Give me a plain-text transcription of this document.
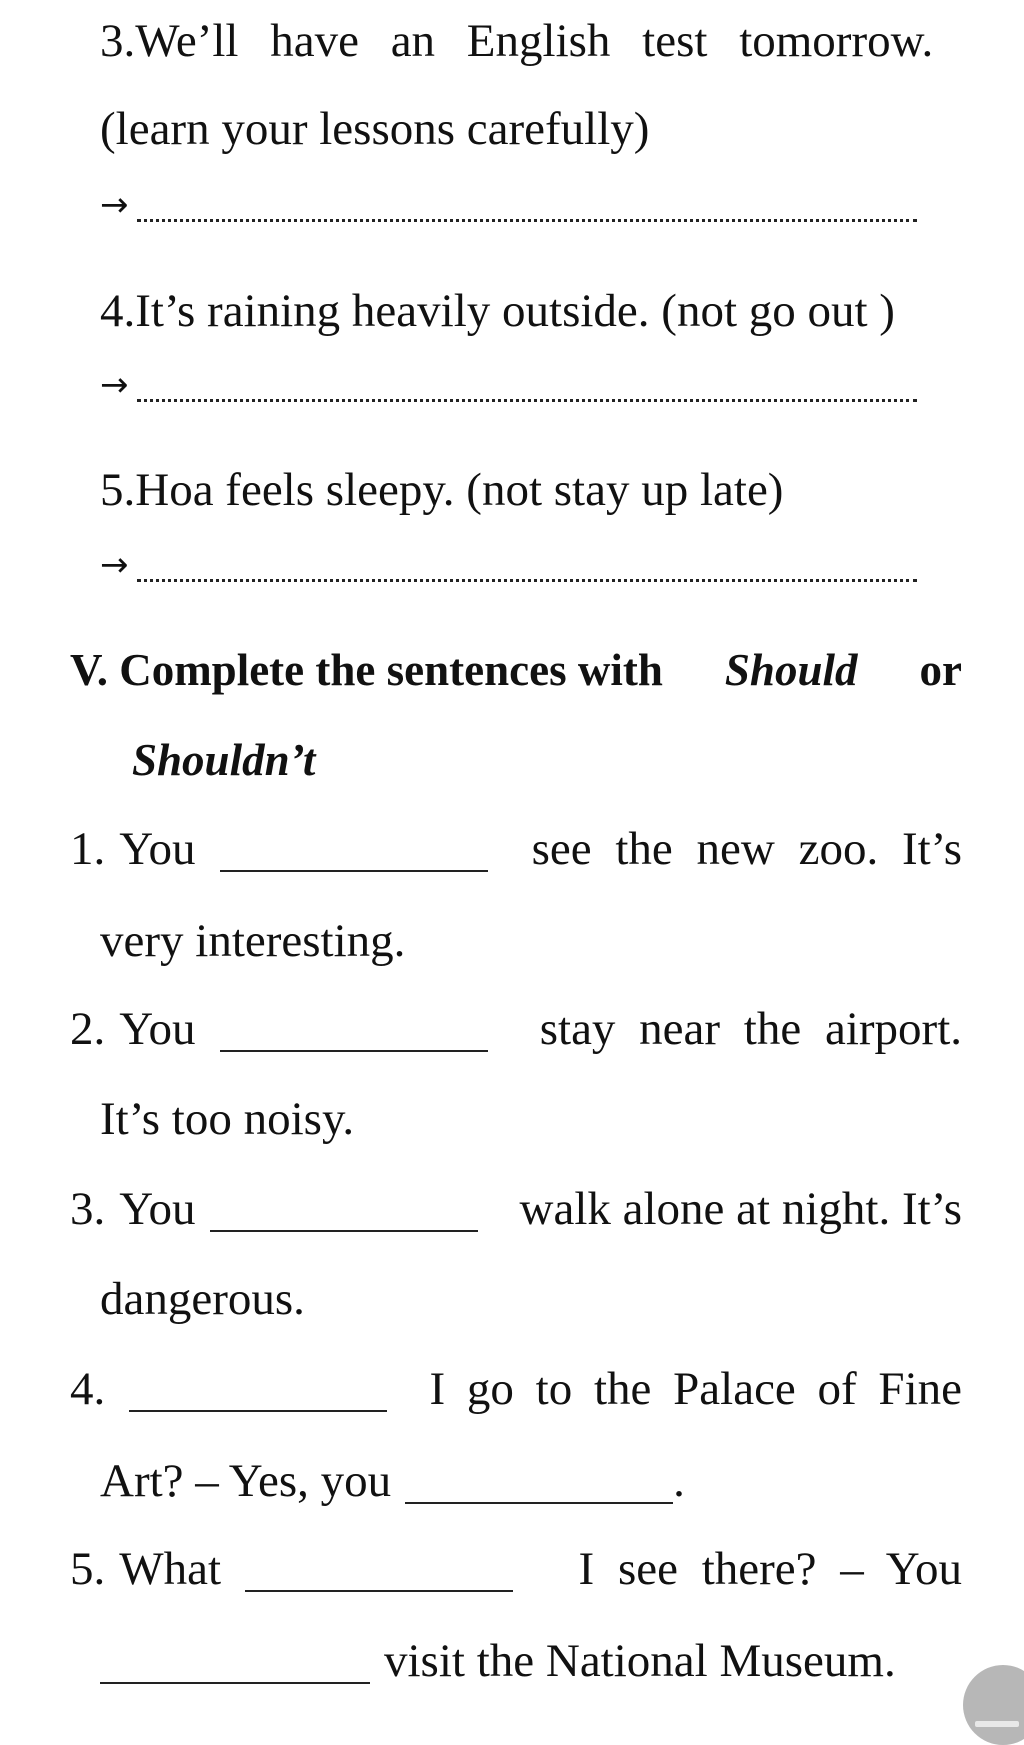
3.We’ll have an English test tomorrow.
(learn your lessons carefully)
→
4.It’s raining heavily outside. (not go out )
→
5.Hoa feels sleepy. (not stay up late)
→
V. Complete the sentences with Should or
Shouldn’t
1. You	see the new zoo. It’s
very interesting.
2. You	stay near the airport.
It’s too noisy.
3. You	walk alone at night. It’s
dangerous.
4.	I go to the Palace of Fine
Art? – Yes, you	.
5. What	I see there? – You
visit the National Museum.
